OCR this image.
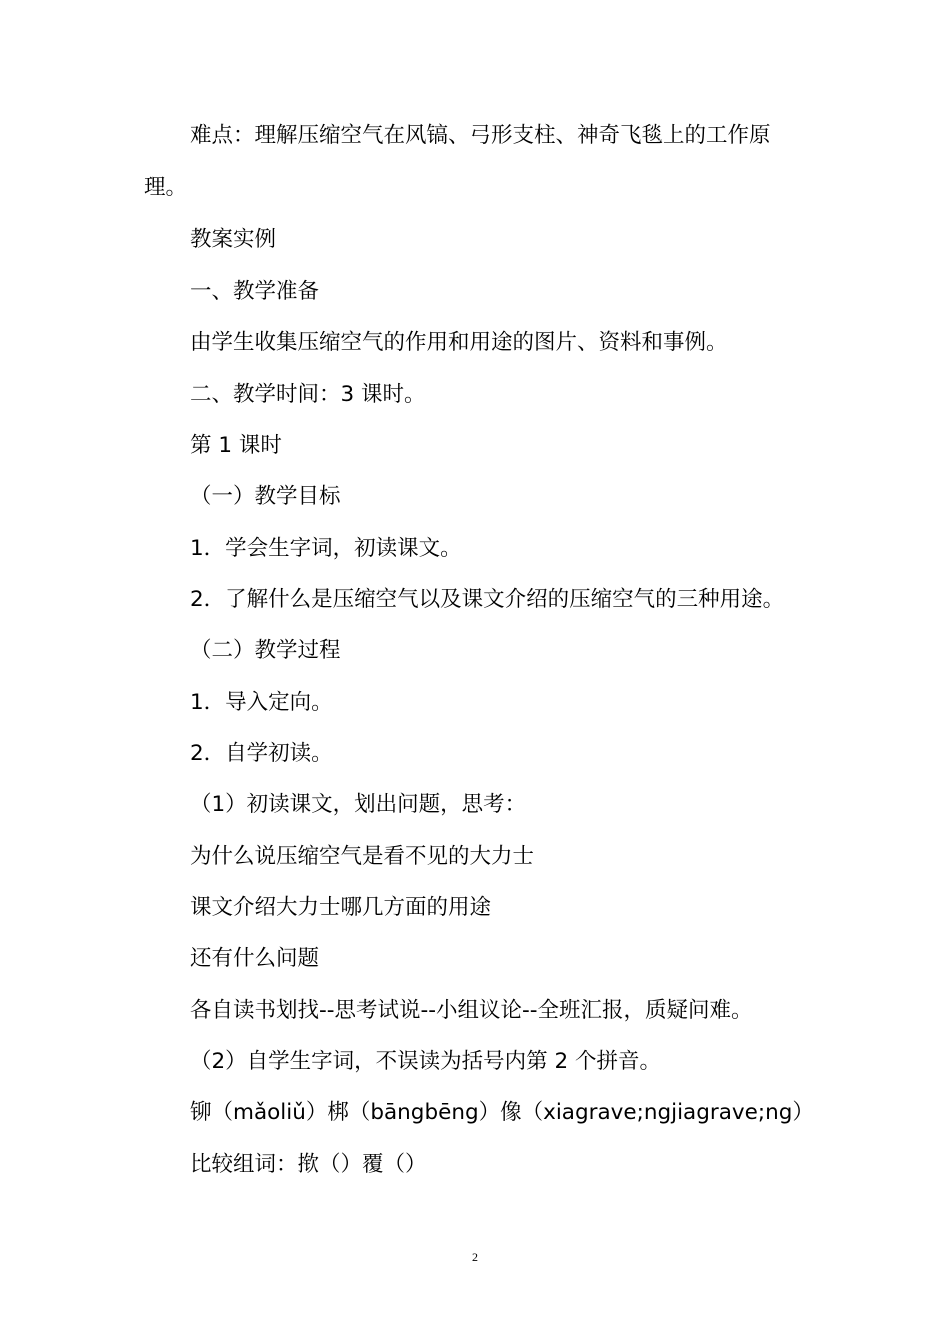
难点：理解压缩空气在风镐、弓形支柱、神奇飞毯上的工作原
理。
教案实例
一、教学准备
由学生收集压缩空气的作用和用途的图片、资料和事例。
二、教学时间：3 课时。
第 1 课时
（一）教学目标
1．学会生字词，初读课文。
2．了解什么是压缩空气以及课文介绍的压缩空气的三种用途。
（二）教学过程
1．导入定向。
2．自学初读。
（1）初读课文，划出问题，思考：
为什么说压缩空气是看不见的大力士
课文介绍大力士哪几方面的用途
还有什么问题
各自读书划找--思考试说--小组议论--全班汇报，质疑问难。
（2）自学生字词，不误读为括号内第 2 个拼音。
铆（mǎoliǔ）梆（bāngbēng）像（xiagrave;ngjiagrave;ng）
比较组词：揿（）覆（）
2
